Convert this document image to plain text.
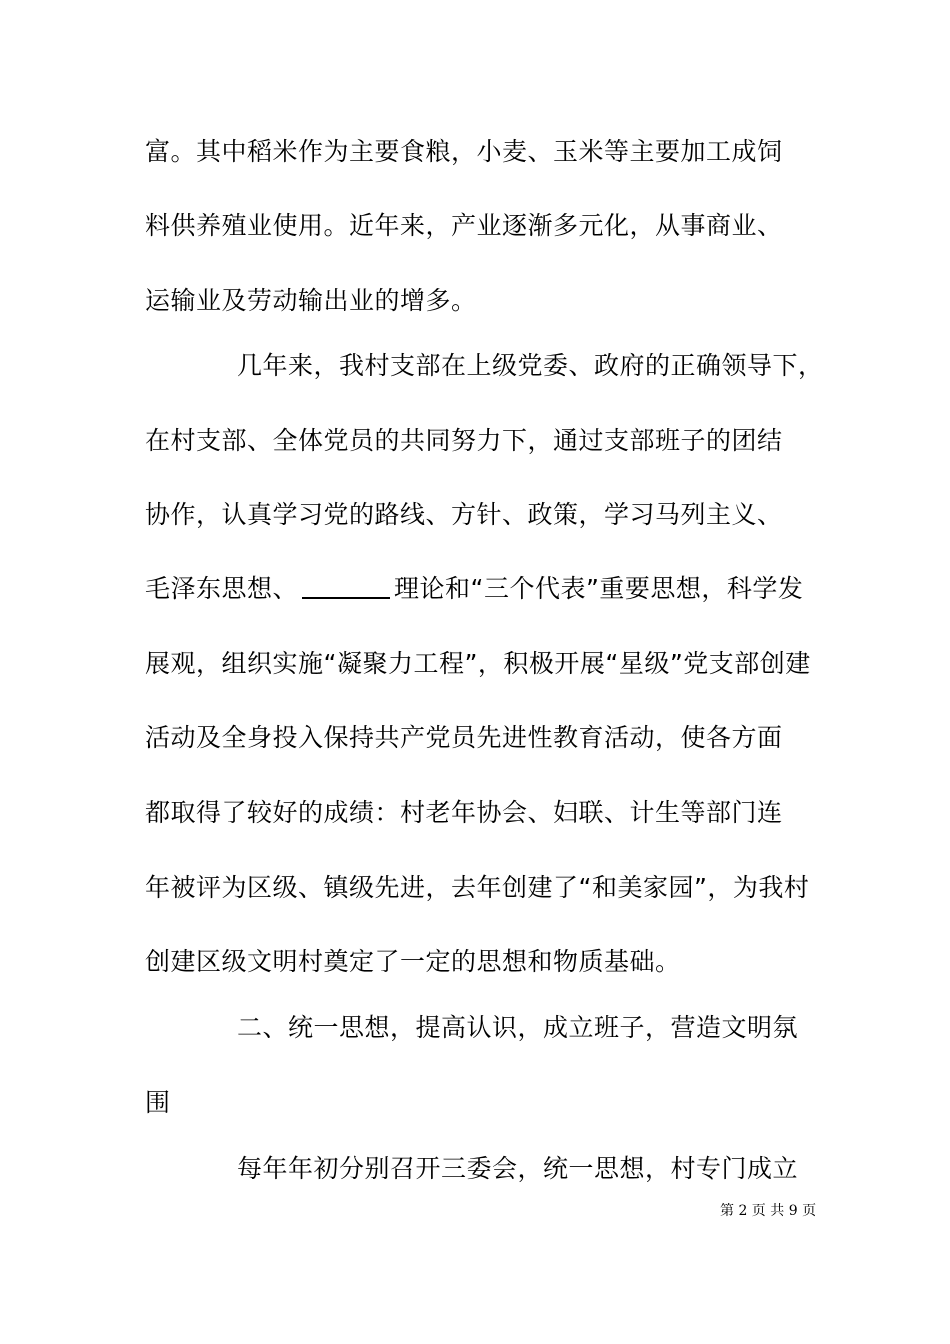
富。其中稻米作为主要食粮，小麦、玉米等主要加工成饲
料供养殖业使用。近年来，产业逐渐多元化，从事商业、
运输业及劳动输出业的增多。
几年来，我村支部在上级党委、政府的正确领导下，
在村支部、全体党员的共同努力下，通过支部班子的团结
协作，认真学习党的路线、方针、政策，学习马列主义、
毛泽东思想、	理论和“三个代表”重要思想，科学发
展观，组织实施“凝聚力工程”，积极开展“星级”党支部创建
活动及全身投入保持共产党员先进性教育活动，使各方面
都取得了较好的成绩：村老年协会、妇联、计生等部门连
年被评为区级、镇级先进，去年创建了“和美家园”，为我村
创建区级文明村奠定了一定的思想和物质基础。
二、统一思想，提高认识，成立班子，营造文明氛
围
每年年初分别召开三委会，统一思想，村专门成立
第 2 页 共 9 页
